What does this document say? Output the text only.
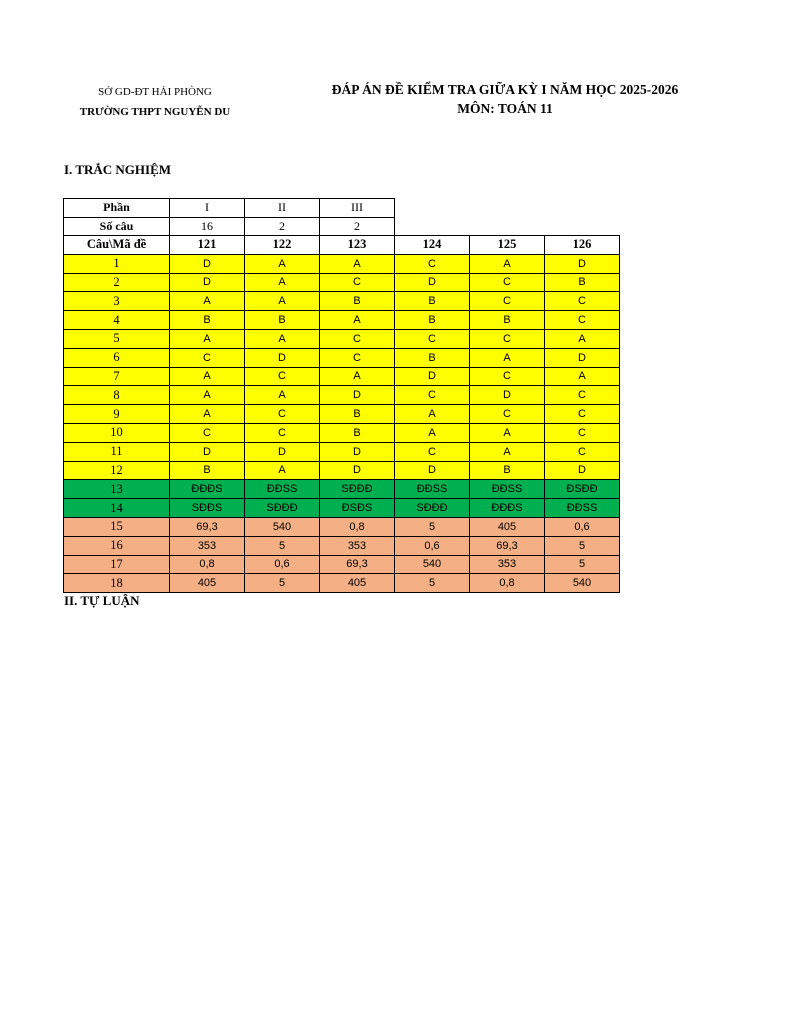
SỞ GD-ĐT HẢI PHÒNG
TRƯỜNG THPT NGUYỄN DU
ĐÁP ÁN ĐỀ KIỂM TRA GIỮA KỲ I NĂM HỌC 2025-2026
MÔN: TOÁN 11
I. TRẮC NGHIỆM
Phần	I	II	III
Số câu	16	2	2
Câu\Mã đề	121	122	123	124	125	126
1	D	A	A	C	A	D
2	D	A	C	D	C	B
3	A	A	B	B	C	C
4	B	B	A	B	B	C
5	A	A	C	C	C	A
6	C	D	C	B	A	D
7	A	C	A	D	C	A
8	A	A	D	C	D	C
9	A	C	B	A	C	C
10	C	C	B	A	A	C
11	D	D	D	C	A	C
12	B	A	D	D	B	D
13	ĐĐĐS	ĐĐSS	SĐĐĐ	ĐĐSS	ĐĐSS	ĐSĐĐ
14	SĐĐS	SĐĐĐ	ĐSĐS	SĐĐĐ	ĐĐĐS	ĐĐSS
15	69,3	540	0,8	5	405	0,6
16	353	5	353	0,6	69,3	5
17	0,8	0,6	69,3	540	353	5
18	405	5	405	5	0,8	540
II. TỰ LUẬN
